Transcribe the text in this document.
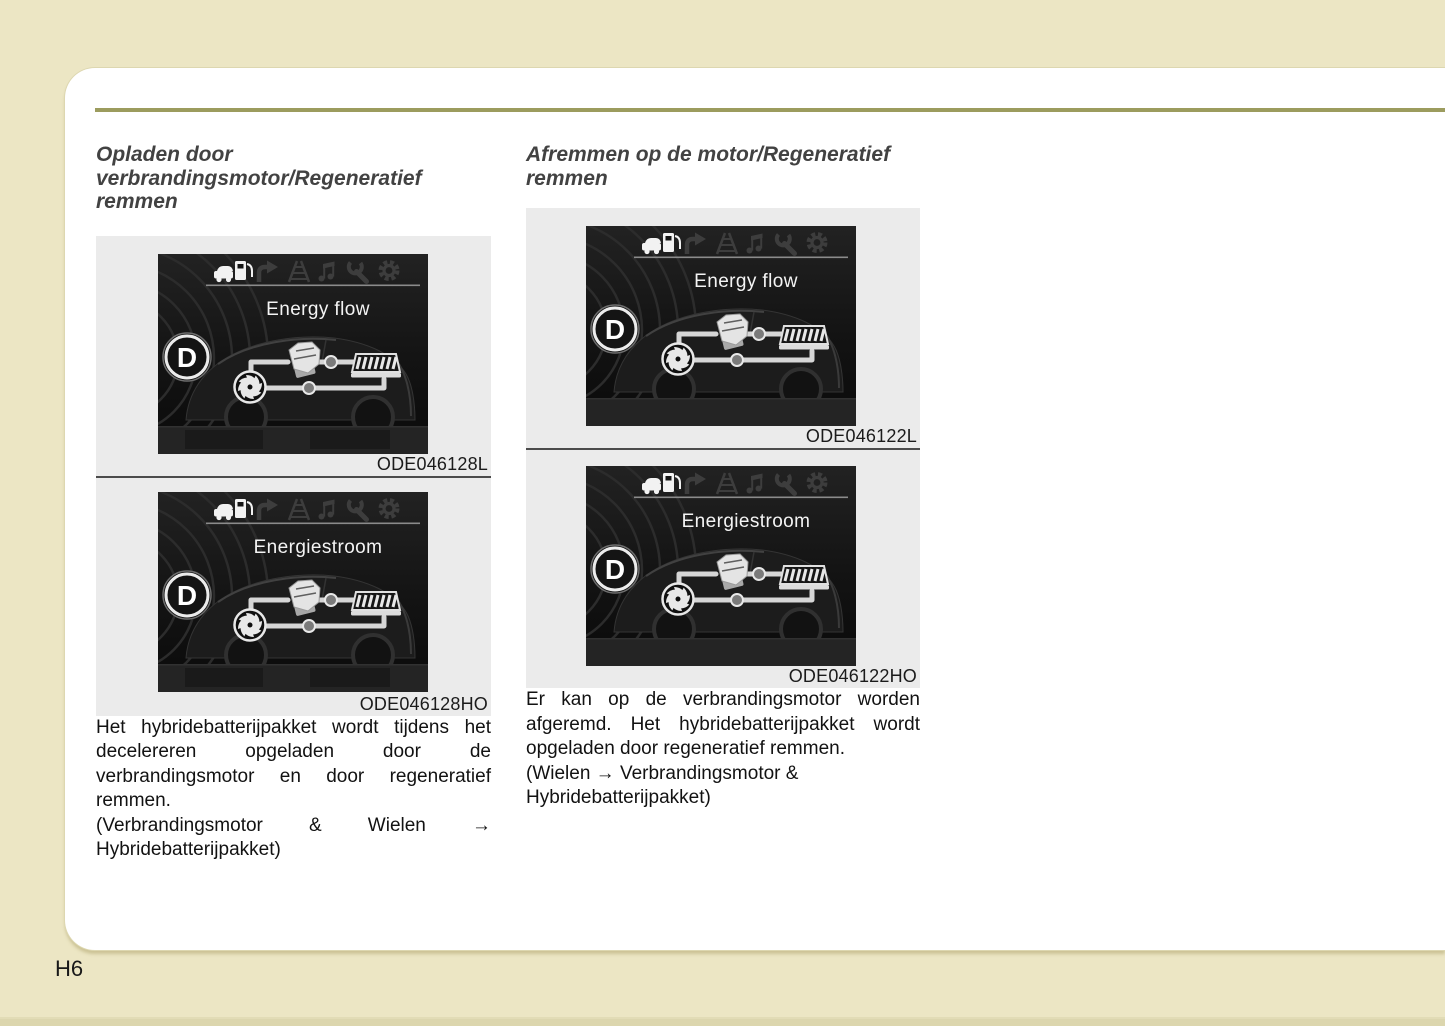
Opladen door
verbrandingsmotor/Regeneratief
remmen
Energy flow
D
ODE046128L
Energiestroom
D
ODE046128HO

Het hybridebatterijpakket wordt tijdens het decelereren opgeladen door de verbrandingsmotor en door regeneratief remmen.

(Verbrandingsmotor & Wielen → Hybridebatterijpakket)

Afremmen op de motor/Regeneratief
remmen
Energy flow
D
ODE046122L
Energiestroom
D
ODE046122HO

Er kan op de verbrandingsmotor worden afgeremd. Het hybridebatterijpakket wordt opgeladen door regeneratief remmen.

(Wielen → Verbrandingsmotor & Hybridebatterijpakket)

H6
